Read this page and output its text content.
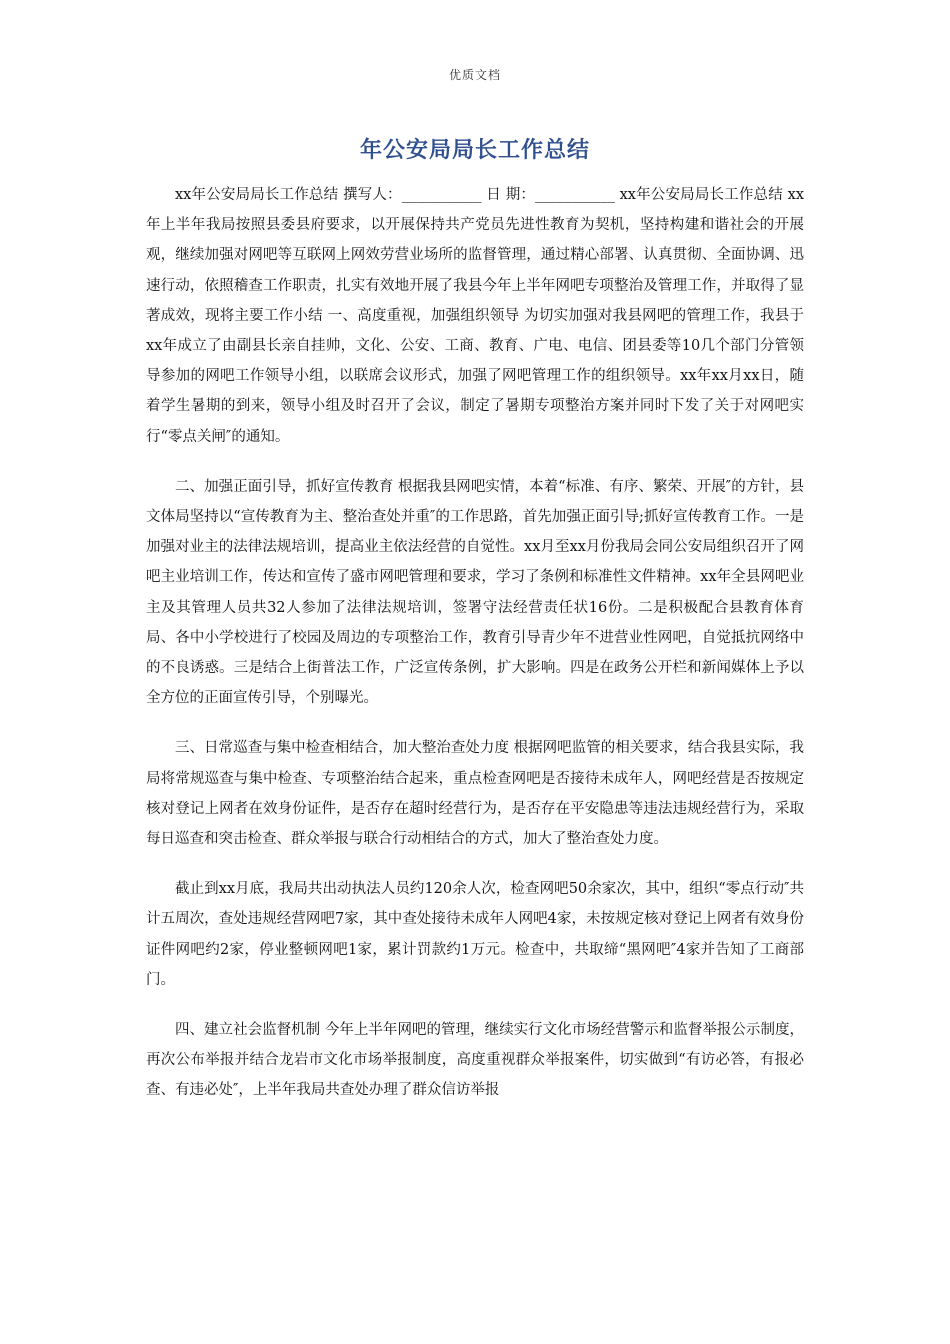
优质文档
年公安局局长工作总结

xx年公安局局长工作总结 撰写人：___________ 日 期：___________ xx年公安局局长工作总结 xx年上半年我局按照县委县府要求，以开展保持共产党员先进性教育为契机，坚持构建和谐社会的开展观，继续加强对网吧等互联网上网效劳营业场所的监督管理，通过精心部署、认真贯彻、全面协调、迅速行动，依照稽查工作职责，扎实有效地开展了我县今年上半年网吧专项整治及管理工作，并取得了显著成效，现将主要工作小结 一、高度重视，加强组织领导 为切实加强对我县网吧的管理工作，我县于xx年成立了由副县长亲自挂帅，文化、公安、工商、教育、广电、电信、团县委等10几个部门分管领导参加的网吧工作领导小组，以联席会议形式，加强了网吧管理工作的组织领导。xx年xx月xx日，随着学生暑期的到来，领导小组及时召开了会议，制定了暑期专项整治方案并同时下发了关于对网吧实行“零点关闸″的通知。

二、加强正面引导，抓好宣传教育 根据我县网吧实情，本着“标准、有序、繁荣、开展″的方针，县文体局坚持以“宣传教育为主、整治查处并重″的工作思路，首先加强正面引导;抓好宣传教育工作。一是加强对业主的法律法规培训，提高业主依法经营的自觉性。xx月至xx月份我局会同公安局组织召开了网吧主业培训工作，传达和宣传了盛市网吧管理和要求，学习了条例和标准性文件精神。xx年全县网吧业主及其管理人员共32人参加了法律法规培训，签署守法经营责任状16份。二是积极配合县教育体育局、各中小学校进行了校园及周边的专项整治工作，教育引导青少年不进营业性网吧，自觉抵抗网络中的不良诱惑。三是结合上街普法工作，广泛宣传条例，扩大影响。四是在政务公开栏和新闻媒体上予以全方位的正面宣传引导，个别曝光。

三、日常巡查与集中检查相结合，加大整治查处力度 根据网吧监管的相关要求，结合我县实际，我局将常规巡查与集中检查、专项整治结合起来，重点检查网吧是否接待未成年人，网吧经营是否按规定核对登记上网者在效身份证件，是否存在超时经营行为，是否存在平安隐患等违法违规经营行为，采取每日巡查和突击检查、群众举报与联合行动相结合的方式，加大了整治查处力度。

截止到xx月底，我局共出动执法人员约120余人次，检查网吧50余家次，其中，组织“零点行动″共计五周次，查处违规经营网吧7家，其中查处接待未成年人网吧4家，未按规定核对登记上网者有效身份证件网吧约2家，停业整顿网吧1家，累计罚款约1万元。检查中，共取缔“黑网吧″4家并告知了工商部门。

四、建立社会监督机制 今年上半年网吧的管理，继续实行文化市场经营警示和监督举报公示制度，再次公布举报并结合龙岩市文化市场举报制度，高度重视群众举报案件，切实做到“有访必答，有报必查、有违必处″，上半年我局共查处办理了群众信访举报
